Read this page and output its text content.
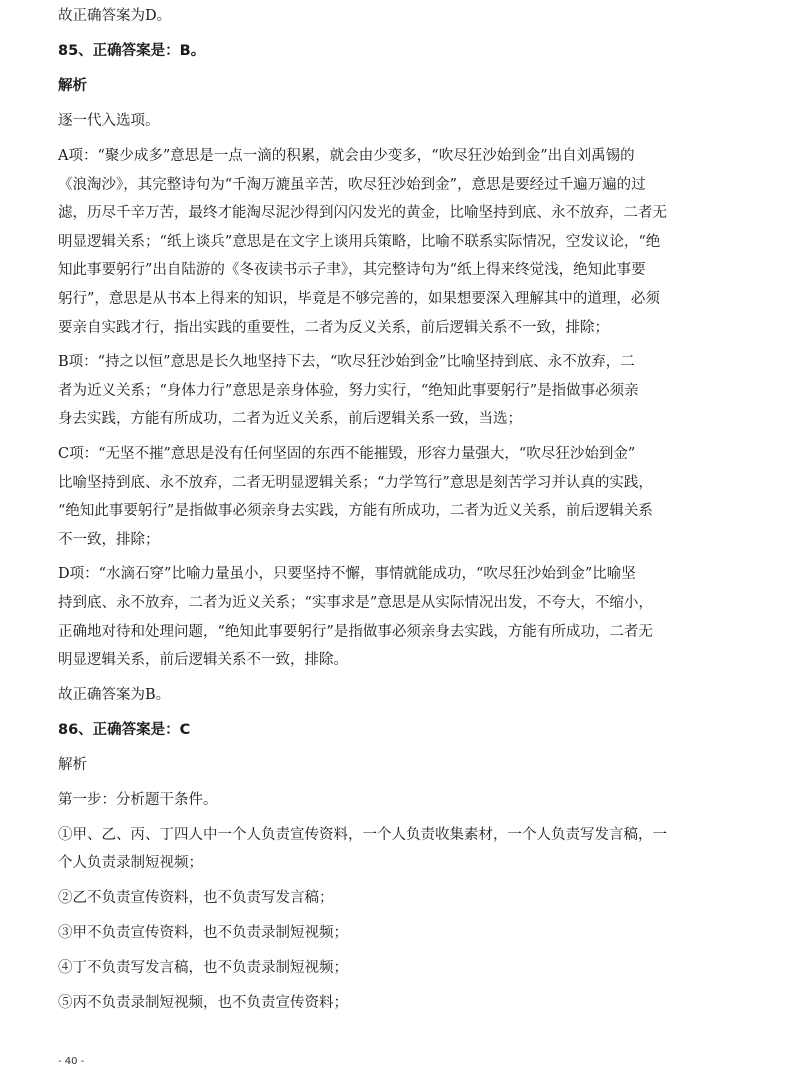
故正确答案为D。

85、正确答案是：B。

解析

逐一代入选项。

A项：“聚少成多”意思是一点一滴的积累，就会由少变多，“吹尽狂沙始到金”出自刘禹锡的

《浪淘沙》，其完整诗句为“千淘万漉虽辛苦，吹尽狂沙始到金”，意思是要经过千遍万遍的过

滤，历尽千辛万苦，最终才能淘尽泥沙得到闪闪发光的黄金，比喻坚持到底、永不放弃，二者无

明显逻辑关系；“纸上谈兵”意思是在文字上谈用兵策略，比喻不联系实际情况，空发议论，“绝

知此事要躬行”出自陆游的《冬夜读书示子聿》，其完整诗句为“纸上得来终觉浅，绝知此事要

躬行”，意思是从书本上得来的知识，毕竟是不够完善的，如果想要深入理解其中的道理，必须

要亲自实践才行，指出实践的重要性，二者为反义关系，前后逻辑关系不一致，排除；

B项：“持之以恒”意思是长久地坚持下去，“吹尽狂沙始到金”比喻坚持到底、永不放弃，二

者为近义关系；“身体力行”意思是亲身体验，努力实行，“绝知此事要躬行”是指做事必须亲

身去实践，方能有所成功，二者为近义关系，前后逻辑关系一致，当选；

C项：“无坚不摧”意思是没有任何坚固的东西不能摧毁，形容力量强大，“吹尽狂沙始到金”

比喻坚持到底、永不放弃，二者无明显逻辑关系；“力学笃行”意思是刻苦学习并认真的实践，

“绝知此事要躬行”是指做事必须亲身去实践，方能有所成功，二者为近义关系，前后逻辑关系

不一致，排除；

D项：“水滴石穿”比喻力量虽小，只要坚持不懈，事情就能成功，“吹尽狂沙始到金”比喻坚

持到底、永不放弃，二者为近义关系；“实事求是”意思是从实际情况出发，不夸大，不缩小，

正确地对待和处理问题，“绝知此事要躬行”是指做事必须亲身去实践，方能有所成功，二者无

明显逻辑关系，前后逻辑关系不一致，排除。

故正确答案为B。

86、正确答案是：C

解析

第一步：分析题干条件。

①甲、乙、丙、丁四人中一个人负责宣传资料，一个人负责收集素材，一个人负责写发言稿，一

个人负责录制短视频；

②乙不负责宣传资料，也不负责写发言稿；

③甲不负责宣传资料，也不负责录制短视频；

④丁不负责写发言稿，也不负责录制短视频；

⑤丙不负责录制短视频，也不负责宣传资料；

- 40 -
